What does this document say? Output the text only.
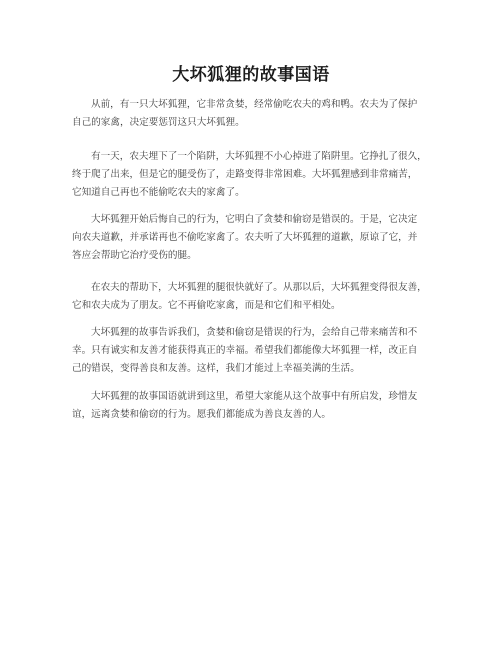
大坏狐狸的故事国语

从前，有一只大坏狐狸，它非常贪婪，经常偷吃农夫的鸡和鸭。农夫为了保护
自己的家禽，决定要惩罚这只大坏狐狸。

有一天，农夫埋下了一个陷阱，大坏狐狸不小心掉进了陷阱里。它挣扎了很久，
终于爬了出来，但是它的腿受伤了，走路变得非常困难。大坏狐狸感到非常痛苦，
它知道自己再也不能偷吃农夫的家禽了。

大坏狐狸开始后悔自己的行为，它明白了贪婪和偷窃是错误的。于是，它决定
向农夫道歉，并承诺再也不偷吃家禽了。农夫听了大坏狐狸的道歉，原谅了它，并
答应会帮助它治疗受伤的腿。

在农夫的帮助下，大坏狐狸的腿很快就好了。从那以后，大坏狐狸变得很友善，
它和农夫成为了朋友。它不再偷吃家禽，而是和它们和平相处。

大坏狐狸的故事告诉我们，贪婪和偷窃是错误的行为，会给自己带来痛苦和不
幸。只有诚实和友善才能获得真正的幸福。希望我们都能像大坏狐狸一样，改正自
己的错误，变得善良和友善。这样，我们才能过上幸福美满的生活。

大坏狐狸的故事国语就讲到这里，希望大家能从这个故事中有所启发，珍惜友
谊，远离贪婪和偷窃的行为。愿我们都能成为善良友善的人。
